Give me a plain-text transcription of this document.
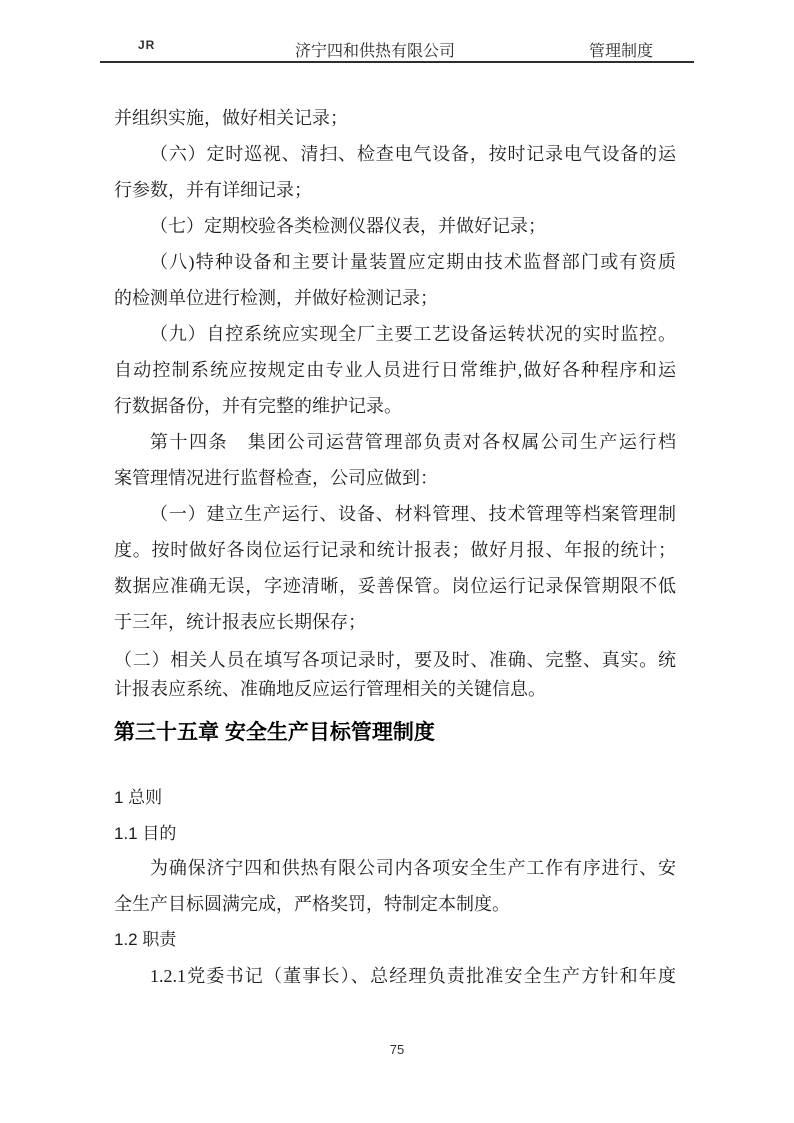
JR	济宁四和供热有限公司	管理制度
并组织实施，做好相关记录；
（六）定时巡视、清扫、检查电气设备，按时记录电气设备的运
行参数，并有详细记录；
（七）定期校验各类检测仪器仪表，并做好记录；
（八)特种设备和主要计量装置应定期由技术监督部门或有资质
的检测单位进行检测，并做好检测记录；
（九）自控系统应实现全厂主要工艺设备运转状况的实时监控。
自动控制系统应按规定由专业人员进行日常维护,做好各种程序和运
行数据备份，并有完整的维护记录。
第十四条　集团公司运营管理部负责对各权属公司生产运行档
案管理情况进行监督检查，公司应做到：
（一）建立生产运行、设备、材料管理、技术管理等档案管理制
度。按时做好各岗位运行记录和统计报表；做好月报、年报的统计；
数据应准确无误，字迹清晰，妥善保管。岗位运行记录保管期限不低
于三年，统计报表应长期保存；
（二）相关人员在填写各项记录时，要及时、准确、完整、真实。统
计报表应系统、准确地反应运行管理相关的关键信息。
第三十五章 安全生产目标管理制度
1 总则
1.1 目的
为确保济宁四和供热有限公司内各项安全生产工作有序进行、安
全生产目标圆满完成，严格奖罚，特制定本制度。
1.2 职责
1.2.1党委书记（董事长）、总经理负责批准安全生产方针和年度
75
